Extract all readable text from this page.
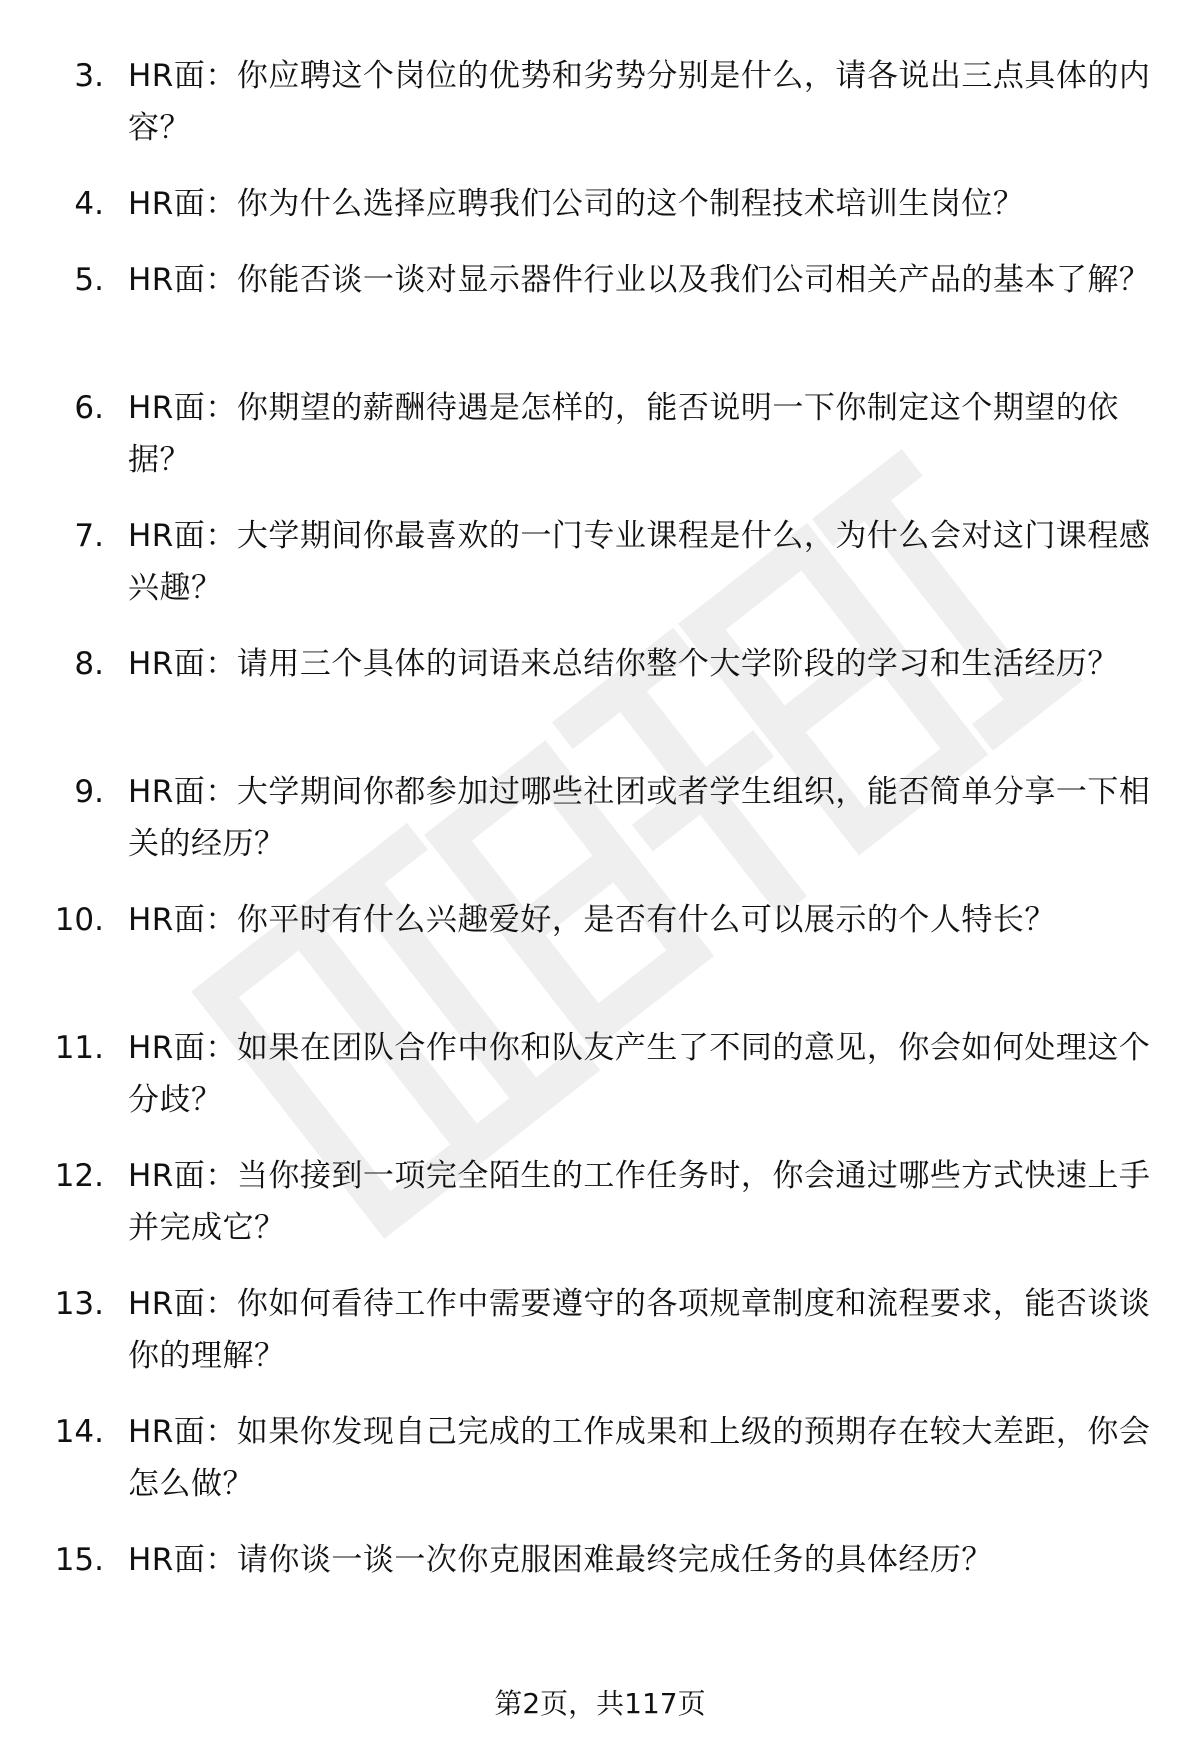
3. HR面：你应聘这个岗位的优势和劣势分别是什么，请各说出三点具体的内容？
4. HR面：你为什么选择应聘我们公司的这个制程技术培训生岗位？
5. HR面：你能否谈一谈对显示器件行业以及我们公司相关产品的基本了解？
6. HR面：你期望的薪酬待遇是怎样的，能否说明一下你制定这个期望的依据？
7. HR面：大学期间你最喜欢的一门专业课程是什么，为什么会对这门课程感兴趣？
8. HR面：请用三个具体的词语来总结你整个大学阶段的学习和生活经历？
9. HR面：大学期间你都参加过哪些社团或者学生组织，能否简单分享一下相关的经历？
10. HR面：你平时有什么兴趣爱好，是否有什么可以展示的个人特长？
11. HR面：如果在团队合作中你和队友产生了不同的意见，你会如何处理这个分歧？
12. HR面：当你接到一项完全陌生的工作任务时，你会通过哪些方式快速上手并完成它？
13. HR面：你如何看待工作中需要遵守的各项规章制度和流程要求，能否谈谈你的理解？
14. HR面：如果你发现自己完成的工作成果和上级的预期存在较大差距，你会怎么做？
15. HR面：请你谈一谈一次你克服困难最终完成任务的具体经历？
第2页，共117页
